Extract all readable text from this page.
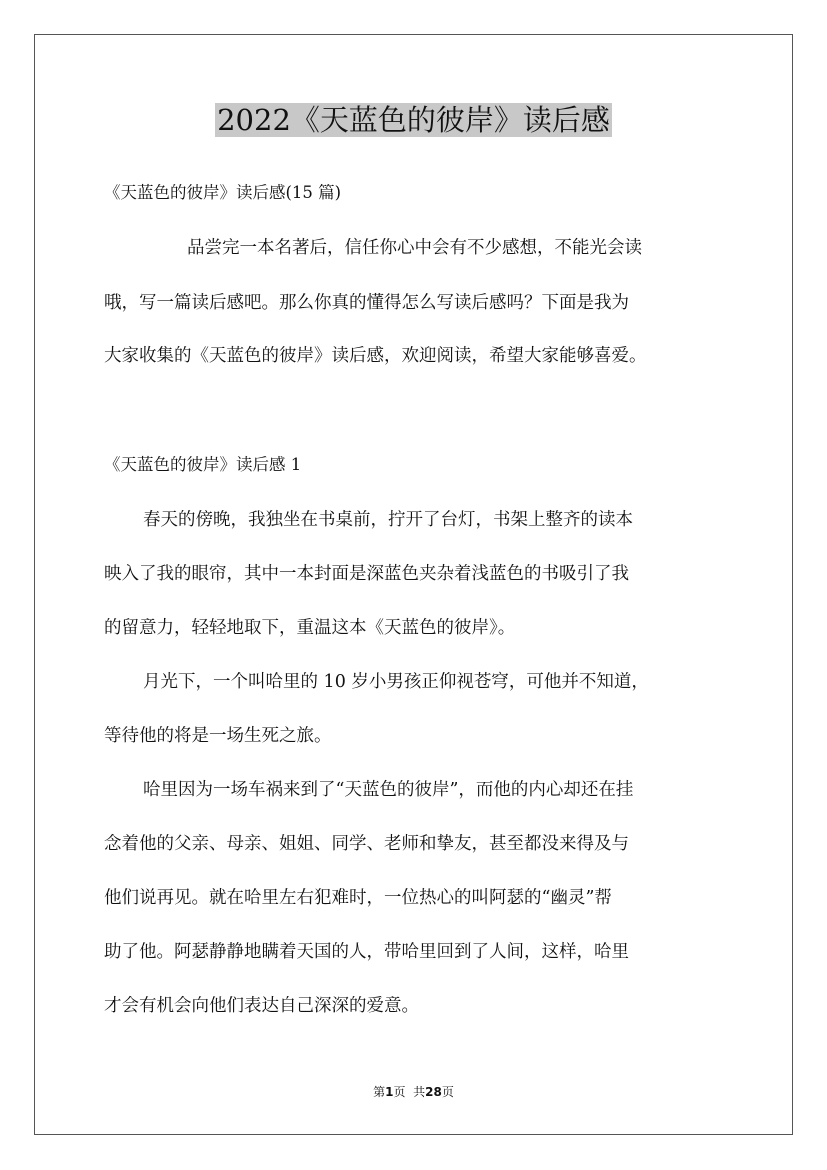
2022《天蓝色的彼岸》读后感

《天蓝色的彼岸》读后感(15 篇)

品尝完一本名著后，信任你心中会有不少感想，不能光会读

哦，写一篇读后感吧。那么你真的懂得怎么写读后感吗？下面是我为

大家收集的《天蓝色的彼岸》读后感，欢迎阅读，希望大家能够喜爱。

《天蓝色的彼岸》读后感 1

春天的傍晚，我独坐在书桌前，拧开了台灯，书架上整齐的读本

映入了我的眼帘，其中一本封面是深蓝色夹杂着浅蓝色的书吸引了我

的留意力，轻轻地取下，重温这本《天蓝色的彼岸》。

月光下，一个叫哈里的 10 岁小男孩正仰视苍穹，可他并不知道，

等待他的将是一场生死之旅。

哈里因为一场车祸来到了“天蓝色的彼岸”，而他的内心却还在挂

念着他的父亲、母亲、姐姐、同学、老师和挚友，甚至都没来得及与

他们说再见。就在哈里左右犯难时，一位热心的叫阿瑟的“幽灵”帮

助了他。阿瑟静静地瞒着天国的人，带哈里回到了人间，这样，哈里

才会有机会向他们表达自己深深的爱意。

第1页 共28页
